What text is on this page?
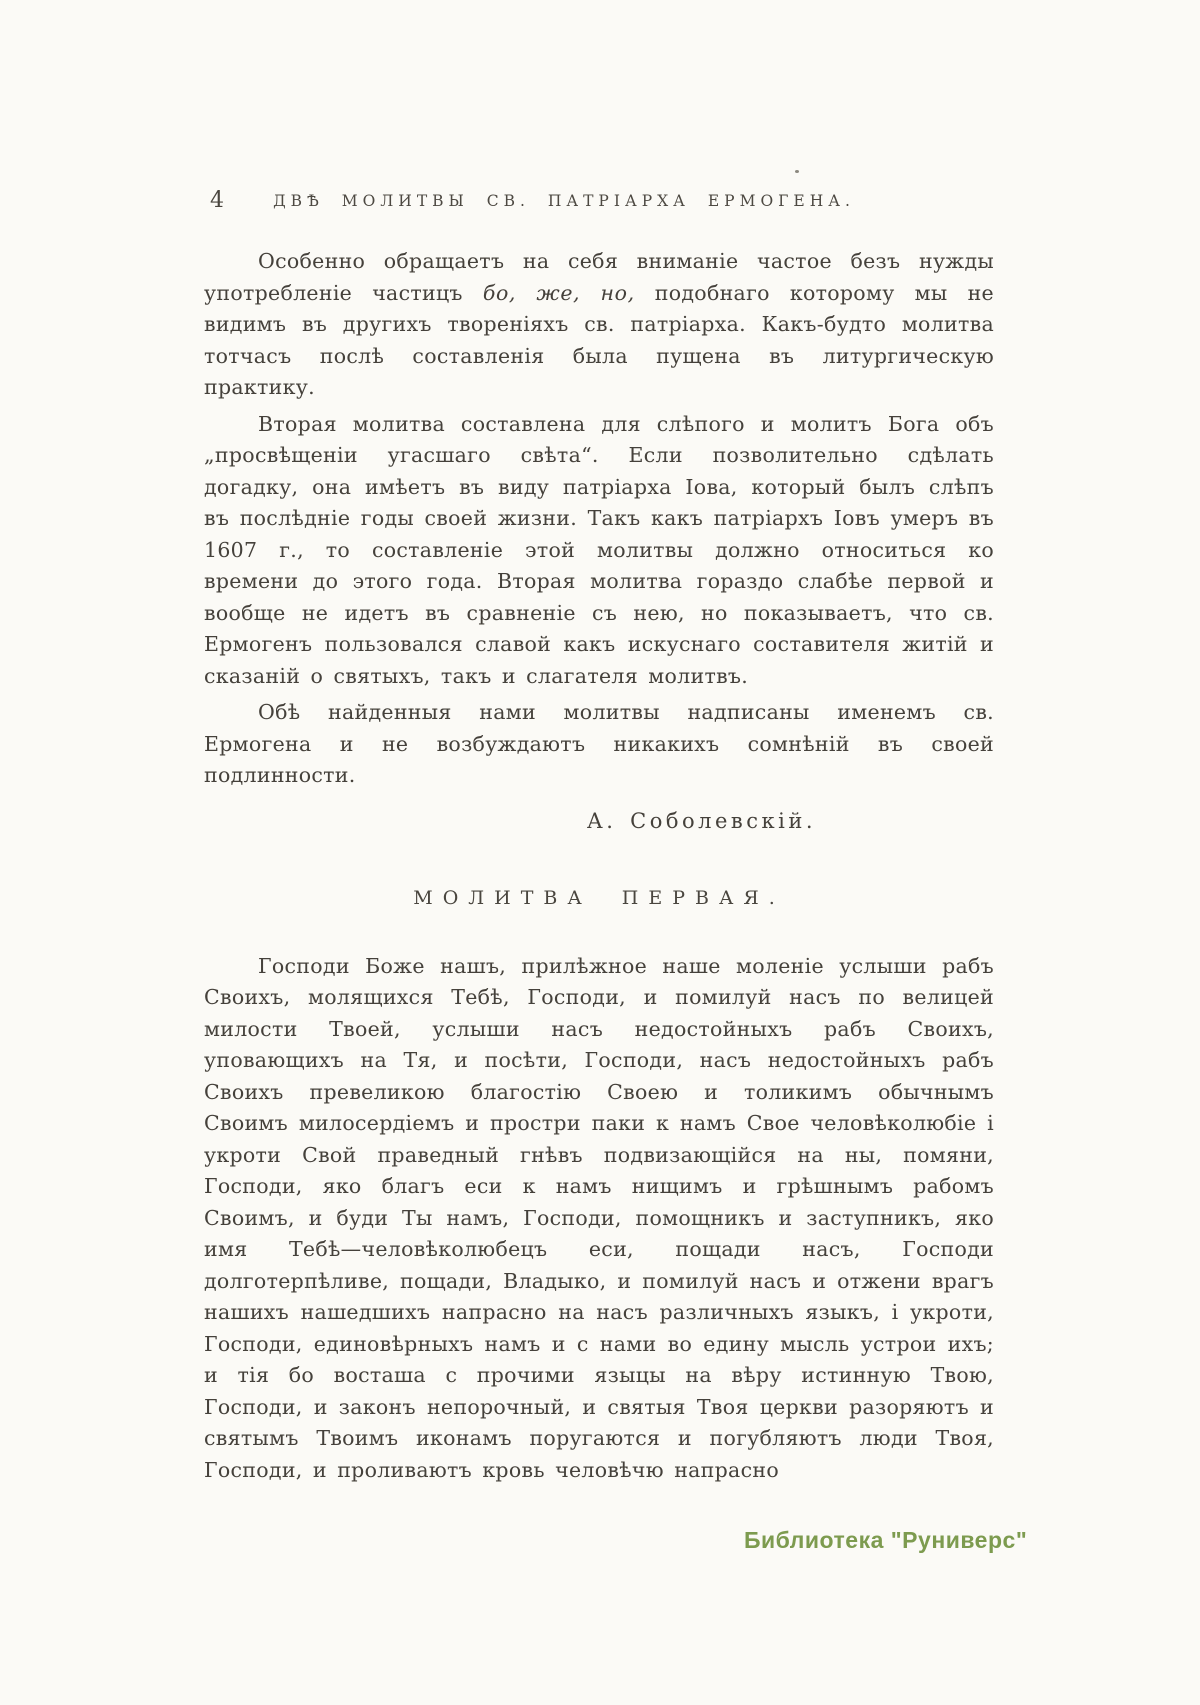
4	ДВѢ МОЛИТВЫ СВ. ПАТРІАРХА ЕРМОГЕНА.

Особенно обращаетъ на себя вниманіе частое безъ нужды употребленіе частицъ бо, же, но, подобнаго которому мы не видимъ въ другихъ твореніяхъ св. патріарха. Какъ-будто молитва тотчасъ послѣ составленія была пущена въ литургическую практику.

Вторая молитва составлена для слѣпого и молитъ Бога объ „просвѣщеніи угасшаго свѣта“. Если позволительно сдѣлать догадку, она имѣетъ въ виду патріарха Іова, который былъ слѣпъ въ послѣдніе годы своей жизни. Такъ какъ патріархъ Іовъ умеръ въ 1607 г., то составленіе этой молитвы должно относиться ко времени до этого года. Вторая молитва гораздо слабѣе первой и вообще не идетъ въ сравненіе съ нею, но показываетъ, что св. Ермогенъ пользовался славой какъ искуснаго составителя житій и сказаній о святыхъ, такъ и слагателя молитвъ.

Обѣ найденныя нами молитвы надписаны именемъ св. Ермогена и не возбуждаютъ никакихъ сомнѣній въ своей подлинности.

А. Соболевскій.
МОЛИТВА ПЕРВАЯ.

Господи Боже нашъ, прилѣжное наше моленіе услыши рабъ Своихъ, молящихся Тебѣ, Господи, и помилуй насъ по велицей милости Твоей, услыши насъ недостойныхъ рабъ Своихъ, уповающихъ на Тя, и посѣти, Господи, насъ недостойныхъ рабъ Своихъ превеликою благостію Своею и толикимъ обычнымъ Своимъ милосердіемъ и простри паки к намъ Свое человѣколюбіе і укроти Свой праведный гнѣвъ подвизающійся на ны, помяни, Господи, яко благъ еси к намъ нищимъ и грѣшнымъ рабомъ Своимъ, и буди Ты намъ, Господи, помощникъ и заступникъ, яко имя Тебѣ—человѣколюбецъ еси, пощади насъ, Господи долготерпѣливе, пощади, Владыко, и помилуй насъ и отжени врагъ нашихъ нашедшихъ напрасно на насъ различныхъ языкъ, і укроти, Господи, единовѣрныхъ намъ и с нами во едину мысль устрои ихъ; и тія бо восташа с прочими языцы на вѣру истинную Твою, Господи, и законъ непорочный, и святыя Твоя церкви разоряютъ и святымъ Твоимъ иконамъ поругаются и погубляютъ люди Твоя, Господи, и проливаютъ кровь человѣчю напрасно

Библиотека "Руниверс"
